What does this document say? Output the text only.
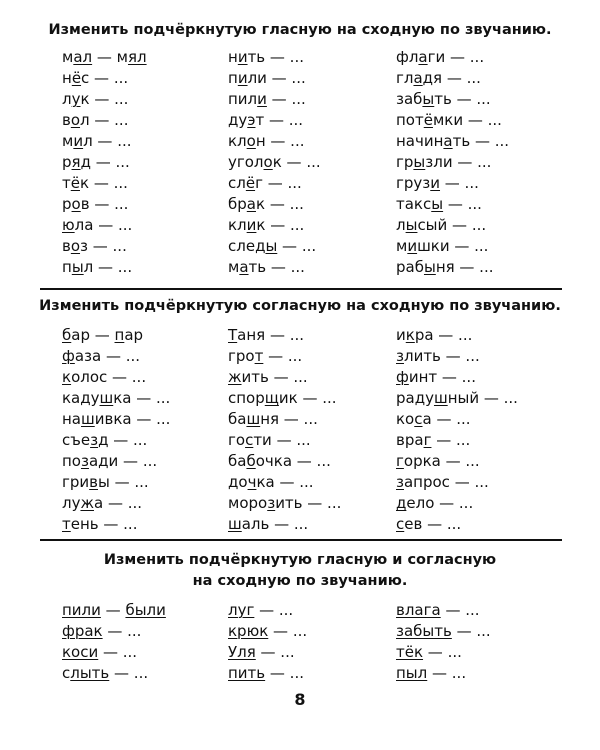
Изменить подчёркнутую гласную на сходную по звучанию.
мал — мял
нёс — ...
лук — ...
вол — ...
мил — ...
ряд — ...
тёк — ...
ров — ...
юла — ...
воз — ...
пыл — ...
нить — ...
пили — ...
пили — ...
дуэт — ...
клон — ...
уголок — ...
слёг — ...
брак — ...
клик — ...
следы — ...
мать — ...
флаги — ...
гладя — ...
забыть — ...
потёмки — ...
начинать — ...
грызли — ...
грузи — ...
таксы — ...
лысый — ...
мишки — ...
рабыня — ...
Изменить подчёркнутую согласную на сходную по звучанию.
бар — пар
фаза — ...
колос — ...
кадушка — ...
нашивка — ...
съезд — ...
позади — ...
гривы — ...
лужа — ...
тень — ...
Таня — ...
грот — ...
жить — ...
спорщик — ...
башня — ...
гости — ...
бабочка — ...
дочка — ...
морозить — ...
шаль — ...
икра — ...
злить — ...
финт — ...
радушный — ...
коса — ...
враг — ...
горка — ...
запрос — ...
дело — ...
сев — ...
Изменить подчёркнутую гласную и согласную
на сходную по звучанию.
пили — были
фрак — ...
коси — ...
слыть — ...
луг — ...
крюк — ...
Уля — ...
пить — ...
влага — ...
забыть — ...
тёк — ...
пыл — ...
8
